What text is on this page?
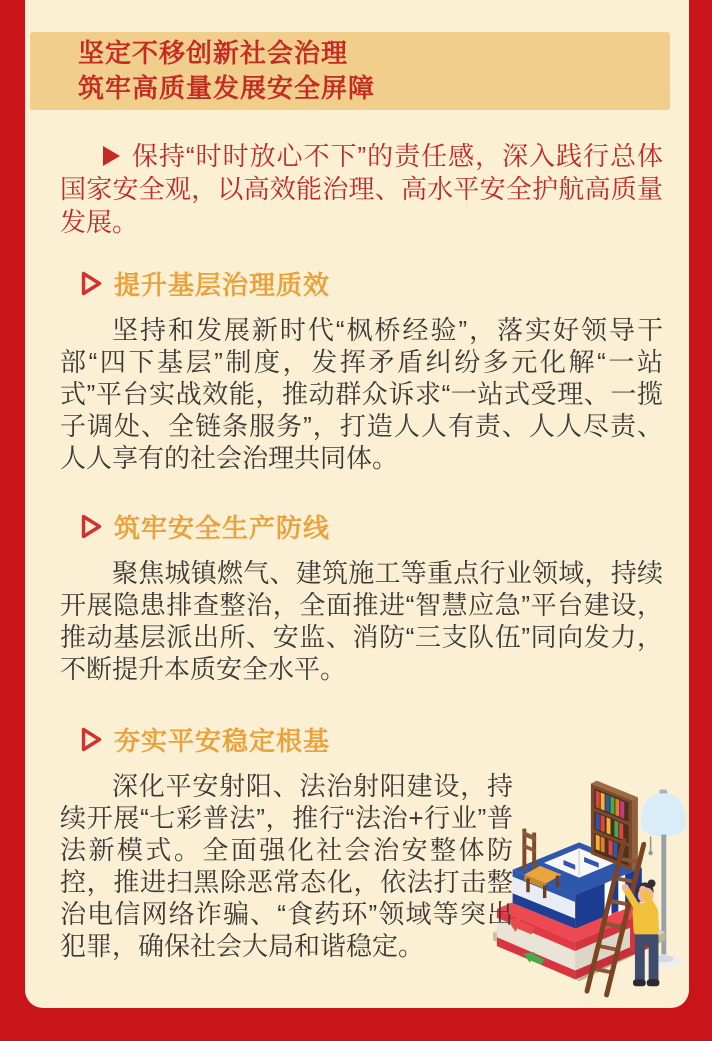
坚定不移创新社会治理
筑牢高质量发展安全屏障

保持“时时放心不下”的责任感，深入践行总体国家安全观，以高效能治理、高水平安全护航高质量发展。

提升基层治理质效

坚持和发展新时代“枫桥经验”，落实好领导干部“四下基层”制度，发挥矛盾纠纷多元化解“一站式”平台实战效能，推动群众诉求“一站式受理、一揽子调处、全链条服务”，打造人人有责、人人尽责、人人享有的社会治理共同体。

筑牢安全生产防线

聚焦城镇燃气、建筑施工等重点行业领域，持续开展隐患排查整治，全面推进“智慧应急”平台建设，推动基层派出所、安监、消防“三支队伍”同向发力，不断提升本质安全水平。

夯实平安稳定根基

深化平安射阳、法治射阳建设，持续开展“七彩普法”，推行“法治+行业”普法新模式。全面强化社会治安整体防控，推进扫黑除恶常态化，依法打击整治电信网络诈骗、“食药环”领域等突出犯罪，确保社会大局和谐稳定。
